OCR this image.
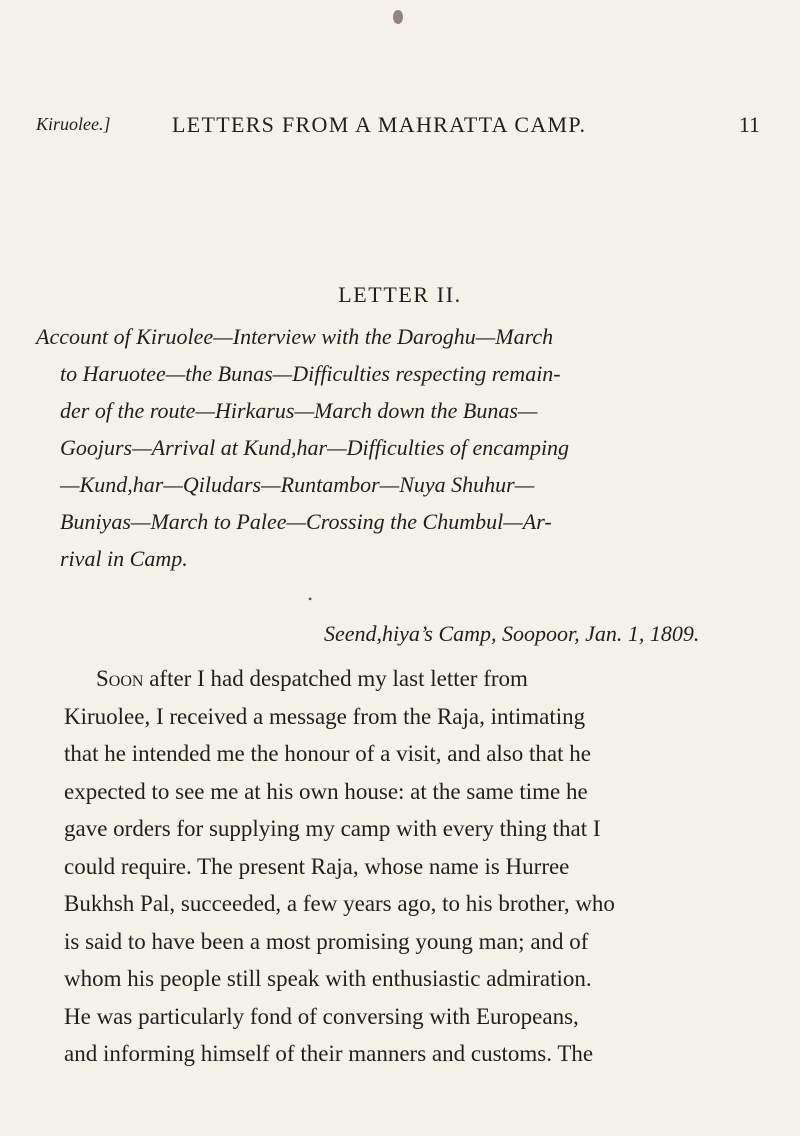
Kiruolee.]	LETTERS FROM A MAHRATTA CAMP.	11
LETTER II.
Account of Kiruolee—Interview with the Daroghu—March
to Haruotee—the Bunas—Difficulties respecting remain-
der of the route—Hirkarus—March down the Bunas—
Goojurs—Arrival at Kund,har—Difficulties of encamping
—Kund,har—Qiludars—Runtambor—Nuya Shuhur—
Buniyas—March to Palee—Crossing the Chumbul—Ar-
rival in Camp.
•
Seend,hiya’s Camp, Soopoor, Jan. 1, 1809.
Soon after I had despatched my last letter from
Kiruolee, I received a message from the Raja, intimating
that he intended me the honour of a visit, and also that he
expected to see me at his own house: at the same time he
gave orders for supplying my camp with every thing that I
could require. The present Raja, whose name is Hurree
Bukhsh Pal, succeeded, a few years ago, to his brother, who
is said to have been a most promising young man; and of
whom his people still speak with enthusiastic admiration.
He was particularly fond of conversing with Europeans,
and informing himself of their manners and customs. The
